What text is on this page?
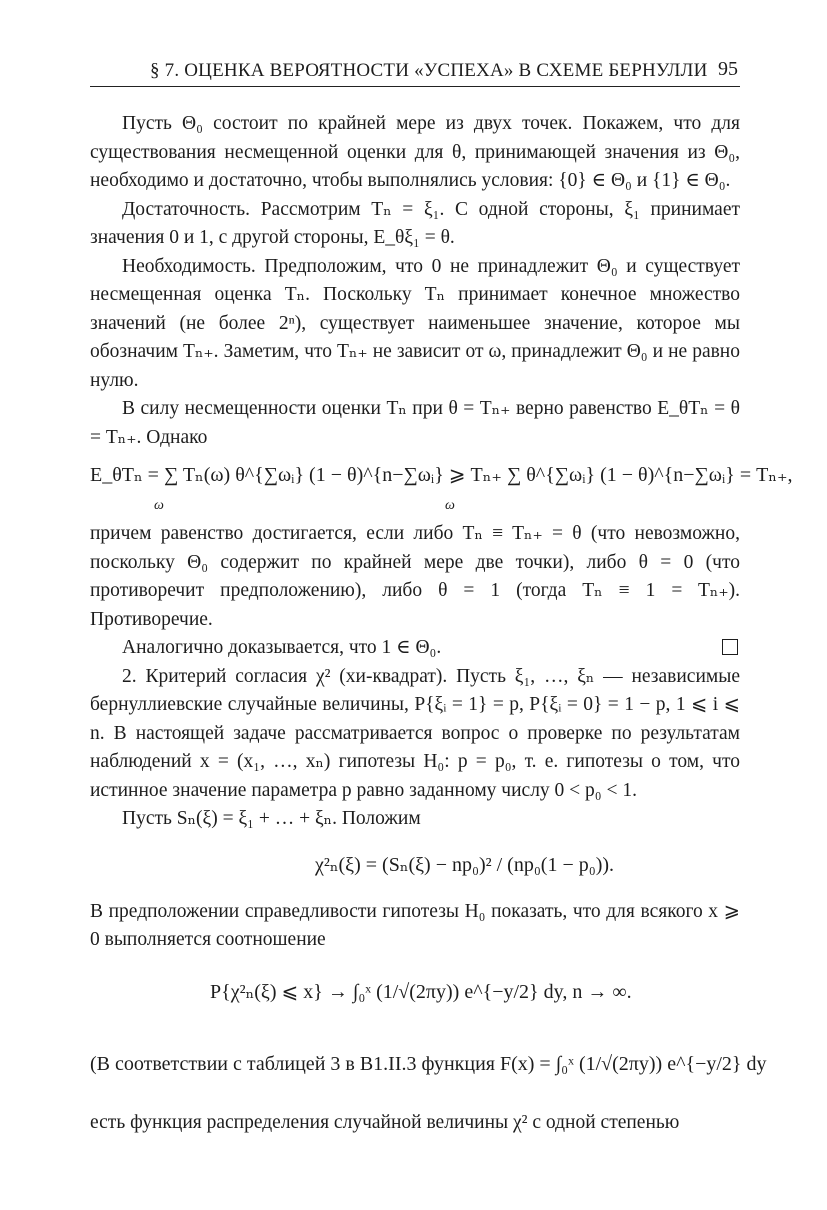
§ 7. ОЦЕНКА ВЕРОЯТНОСТИ «УСПЕХА» В СХЕМЕ БЕРНУЛЛИ 95

Пусть Θ₀ состоит по крайней мере из двух точек. Покажем, что для существования несмещенной оценки для θ, принимающей значения из Θ₀, необходимо и достаточно, чтобы выполнялись условия: {0} ∈ Θ₀ и {1} ∈ Θ₀.

Достаточность. Рассмотрим Tₙ = ξ₁. С одной стороны, ξ₁ принимает значения 0 и 1, с другой стороны, E_θξ₁ = θ.

Необходимость. Предположим, что 0 не принадлежит Θ₀ и существует несмещенная оценка Tₙ. Поскольку Tₙ принимает конечное множество значений (не более 2ⁿ), существует наименьшее значение, которое мы обозначим Tₙ₊. Заметим, что Tₙ₊ не зависит от ω, принадлежит Θ₀ и не равно нулю.

В силу несмещенности оценки Tₙ при θ = Tₙ₊ верно равенство E_θTₙ = θ = Tₙ₊. Однако

E_θTₙ = ∑ Tₙ(ω) θ^{∑ωᵢ} (1 − θ)^{n−∑ωᵢ} ⩾ Tₙ₊ ∑ θ^{∑ωᵢ} (1 − θ)^{n−∑ωᵢ} = Tₙ₊,
ω	ω

причем равенство достигается, если либо Tₙ ≡ Tₙ₊ = θ (что невозможно, поскольку Θ₀ содержит по крайней мере две точки), либо θ = 0 (что противоречит предположению), либо θ = 1 (тогда Tₙ ≡ 1 = Tₙ₊). Противоречие.

Аналогично доказывается, что 1 ∈ Θ₀.

2. Критерий согласия χ² (хи-квадрат). Пусть ξ₁, …, ξₙ — независимые бернуллиевские случайные величины, P{ξᵢ = 1} = p, P{ξᵢ = 0} = 1 − p, 1 ⩽ i ⩽ n. В настоящей задаче рассматривается вопрос о проверке по результатам наблюдений x = (x₁, …, xₙ) гипотезы H₀: p = p₀, т. е. гипотезы о том, что истинное значение параметра p равно заданному числу 0 < p₀ < 1.

Пусть Sₙ(ξ) = ξ₁ + … + ξₙ. Положим

χ²ₙ(ξ) = (Sₙ(ξ) − np₀)² / (np₀(1 − p₀)).

В предположении справедливости гипотезы H₀ показать, что для всякого x ⩾ 0 выполняется соотношение

P{χ²ₙ(ξ) ⩽ x} → ∫₀ˣ (1/√(2πy)) e^{−y/2} dy, n → ∞.
(В соответствии с таблицей 3 в B1.II.3 функция F(x) = ∫₀ˣ (1/√(2πy)) e^{−y/2} dy

есть функция распределения случайной величины χ² с одной степенью
